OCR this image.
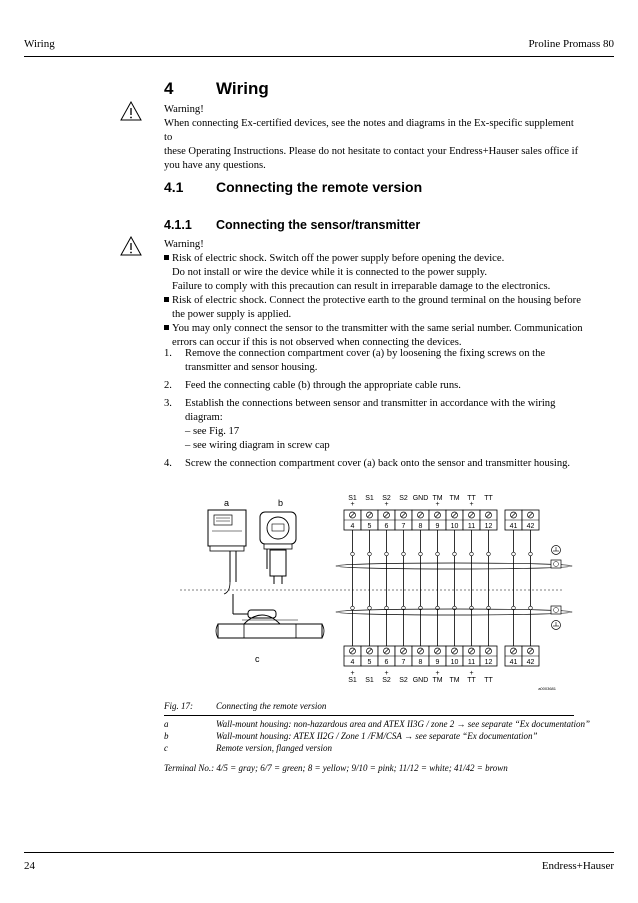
Wiring	Proline Promass 80
4	Wiring

Warning!

When connecting Ex-certified devices, see the notes and diagrams in the Ex-specific supplement to

these Operating Instructions. Please do not hesitate to contact your Endress+Hauser sales office if

you have any questions.

4.1 Connecting the remote version
4.1.1 Connecting the sensor/transmitter

Warning!

Risk of electric shock. Switch off the power supply before opening the device.

Do not install or wire the device while it is connected to the power supply.

Failure to comply with this precaution can result in irreparable damage to the electronics.

Risk of electric shock. Connect the protective earth to the ground terminal on the housing before

the power supply is applied.

You may only connect the sensor to the transmitter with the same serial number. Communication

errors can occur if this is not observed when connecting the devices.

1. Remove the connection compartment cover (a) by loosening the fixing screws on the
transmitter and sensor housing.
2. Feed the connecting cable (b) through the appropriate cable runs.
3. Establish the connections between sensor and transmitter in accordance with the wiring
diagram:
– see Fig. 17
– see wiring diagram in screw cap
4. Screw the connection compartment cover (a) back onto the sensor and transmitter housing.
a	b
c
4
S1
+
5
S1
6
S2
+
7
S2
8
GND
9
TM
+
10
TM
11
TT
+
12
TT
41 42
4
S1
+
5
S1
6
S2
+
7
S2
8
GND
9
TM
+
10
TM
11
TT
+
12
TT
41 42
a0003681
Fig. 17:	Connecting the remote version
a	Wall-mount housing: non-hazardous area and ATEX II3G / zone 2 → see separate “Ex documentation”
b	Wall-mount housing: ATEX II2G / Zone 1 /FM/CSA → see separate “Ex documentation”
c	Remote version, flanged version
Terminal No.: 4/5 = gray; 6/7 = green; 8 = yellow; 9/10 = pink; 11/12 = white; 41/42 = brown
24	Endress+Hauser
